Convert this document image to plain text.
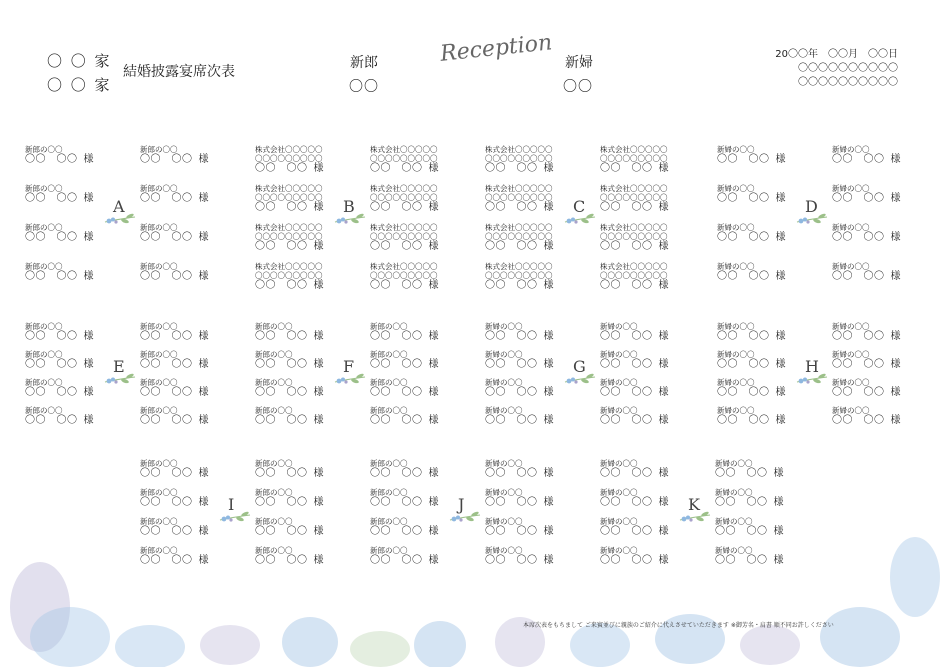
〇 〇 家
〇 〇 家
結婚披露宴席次表
新郎
〇〇
Reception 新婦
〇〇
20〇〇年　〇〇月　〇〇日
〇〇〇〇〇〇〇〇〇〇
〇〇〇〇〇〇〇〇〇〇
新郎の〇〇
〇〇　〇〇 様
新郎の〇〇
〇〇　〇〇 様
新郎の〇〇
〇〇　〇〇 様
新郎の〇〇
〇〇　〇〇 様
新郎の〇〇
〇〇　〇〇 様
新郎の〇〇
〇〇　〇〇 様
新郎の〇〇
〇〇　〇〇 様
新郎の〇〇
〇〇　〇〇 様
A
株式会社〇〇〇〇〇
〇〇〇〇〇〇〇〇〇
〇〇　〇〇 様
株式会社〇〇〇〇〇
〇〇〇〇〇〇〇〇〇
〇〇　〇〇 様
株式会社〇〇〇〇〇
〇〇〇〇〇〇〇〇〇
〇〇　〇〇 様
株式会社〇〇〇〇〇
〇〇〇〇〇〇〇〇〇
〇〇　〇〇 様
株式会社〇〇〇〇〇
〇〇〇〇〇〇〇〇〇
〇〇　〇〇 様
株式会社〇〇〇〇〇
〇〇〇〇〇〇〇〇〇
〇〇　〇〇 様
株式会社〇〇〇〇〇
〇〇〇〇〇〇〇〇〇
〇〇　〇〇 様
株式会社〇〇〇〇〇
〇〇〇〇〇〇〇〇〇
〇〇　〇〇 様
B
株式会社〇〇〇〇〇
〇〇〇〇〇〇〇〇〇
〇〇　〇〇 様
株式会社〇〇〇〇〇
〇〇〇〇〇〇〇〇〇
〇〇　〇〇 様
株式会社〇〇〇〇〇
〇〇〇〇〇〇〇〇〇
〇〇　〇〇 様
株式会社〇〇〇〇〇
〇〇〇〇〇〇〇〇〇
〇〇　〇〇 様
株式会社〇〇〇〇〇
〇〇〇〇〇〇〇〇〇
〇〇　〇〇 様
株式会社〇〇〇〇〇
〇〇〇〇〇〇〇〇〇
〇〇　〇〇 様
株式会社〇〇〇〇〇
〇〇〇〇〇〇〇〇〇
〇〇　〇〇 様
株式会社〇〇〇〇〇
〇〇〇〇〇〇〇〇〇
〇〇　〇〇 様
C
新婦の〇〇
〇〇　〇〇 様
新婦の〇〇
〇〇　〇〇 様
新婦の〇〇
〇〇　〇〇 様
新婦の〇〇
〇〇　〇〇 様
新婦の〇〇
〇〇　〇〇 様
新婦の〇〇
〇〇　〇〇 様
新婦の〇〇
〇〇　〇〇 様
新婦の〇〇
〇〇　〇〇 様
D
新郎の〇〇
〇〇　〇〇 様
新郎の〇〇
〇〇　〇〇 様
新郎の〇〇
〇〇　〇〇 様
新郎の〇〇
〇〇　〇〇 様
新郎の〇〇
〇〇　〇〇 様
新郎の〇〇
〇〇　〇〇 様
新郎の〇〇
〇〇　〇〇 様
新郎の〇〇
〇〇　〇〇 様
E
新郎の〇〇
〇〇　〇〇 様
新郎の〇〇
〇〇　〇〇 様
新郎の〇〇
〇〇　〇〇 様
新郎の〇〇
〇〇　〇〇 様
新郎の〇〇
〇〇　〇〇 様
新郎の〇〇
〇〇　〇〇 様
新郎の〇〇
〇〇　〇〇 様
新郎の〇〇
〇〇　〇〇 様
F
新婦の〇〇
〇〇　〇〇 様
新婦の〇〇
〇〇　〇〇 様
新婦の〇〇
〇〇　〇〇 様
新婦の〇〇
〇〇　〇〇 様
新婦の〇〇
〇〇　〇〇 様
新婦の〇〇
〇〇　〇〇 様
新婦の〇〇
〇〇　〇〇 様
新婦の〇〇
〇〇　〇〇 様
G
新婦の〇〇
〇〇　〇〇 様
新婦の〇〇
〇〇　〇〇 様
新婦の〇〇
〇〇　〇〇 様
新婦の〇〇
〇〇　〇〇 様
新婦の〇〇
〇〇　〇〇 様
新婦の〇〇
〇〇　〇〇 様
新婦の〇〇
〇〇　〇〇 様
新婦の〇〇
〇〇　〇〇 様
H
新郎の〇〇
〇〇　〇〇 様
新郎の〇〇
〇〇　〇〇 様
新郎の〇〇
〇〇　〇〇 様
新郎の〇〇
〇〇　〇〇 様
新郎の〇〇
〇〇　〇〇 様
新郎の〇〇
〇〇　〇〇 様
新郎の〇〇
〇〇　〇〇 様
新郎の〇〇
〇〇　〇〇 様
I
新郎の〇〇
〇〇　〇〇 様
新婦の〇〇
〇〇　〇〇 様
新郎の〇〇
〇〇　〇〇 様
新婦の〇〇
〇〇　〇〇 様
新郎の〇〇
〇〇　〇〇 様
新婦の〇〇
〇〇　〇〇 様
新郎の〇〇
〇〇　〇〇 様
新婦の〇〇
〇〇　〇〇 様
J
新婦の〇〇
〇〇　〇〇 様
新婦の〇〇
〇〇　〇〇 様
新婦の〇〇
〇〇　〇〇 様
新婦の〇〇
〇〇　〇〇 様
新婦の〇〇
〇〇　〇〇 様
新婦の〇〇
〇〇　〇〇 様
新婦の〇〇
〇〇　〇〇 様
新婦の〇〇
〇〇　〇〇 様
K
本席次表をもちまして ご来賓並びに親族のご紹介に代えさせていただきます ※御芳名・肩書 順不同お許しください
